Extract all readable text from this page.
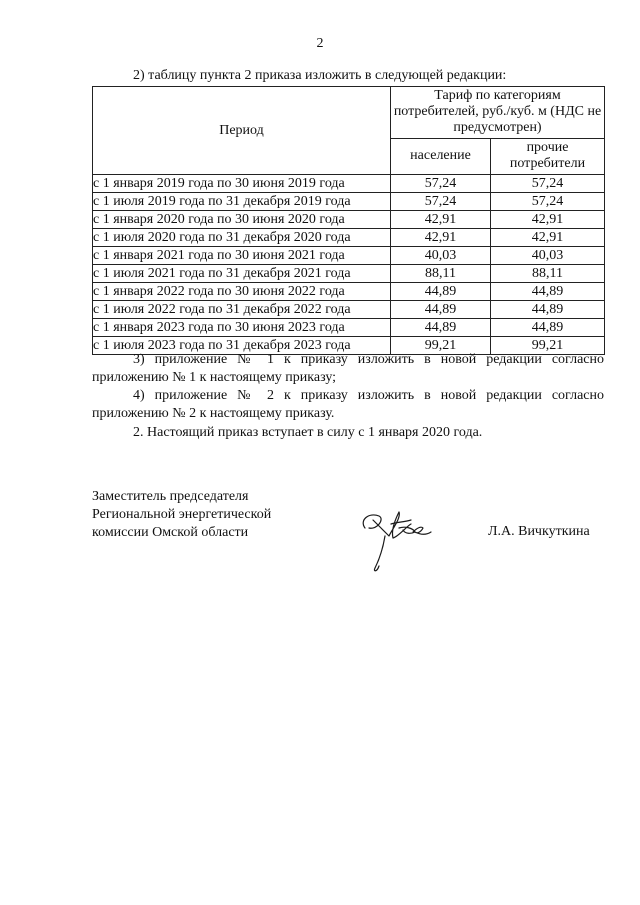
2
2) таблицу пункта 2 приказа изложить в следующей редакции:
Период	Тариф по категориям потребителей, руб./куб. м (НДС не предусмотрен)	
	население	прочие потребители
с 1 января 2019 года по 30 июня 2019 года	57,24	57,24
с 1 июля 2019 года по 31 декабря 2019 года	57,24	57,24
с 1 января 2020 года по 30 июня 2020 года	42,91	42,91
с 1 июля 2020 года по 31 декабря 2020 года	42,91	42,91
с 1 января 2021 года по 30 июня 2021 года	40,03	40,03
с 1 июля 2021 года по 31 декабря 2021 года	88,11	88,11
с 1 января 2022 года по 30 июня 2022 года	44,89	44,89
с 1 июля 2022 года по 31 декабря 2022 года	44,89	44,89
с 1 января 2023 года по 30 июня 2023 года	44,89	44,89
с 1 июля 2023 года по 31 декабря 2023 года	99,21	99,21
3) приложение № 1 к приказу изложить в новой редакции согласно приложению № 1 к настоящему приказу;
4) приложение № 2 к приказу изложить в новой редакции согласно приложению № 2 к настоящему приказу.
2. Настоящий приказ вступает в силу с 1 января 2020 года.
Заместитель председателя
Региональной энергетической
комиссии Омской области	Л.А. Вичкуткина
